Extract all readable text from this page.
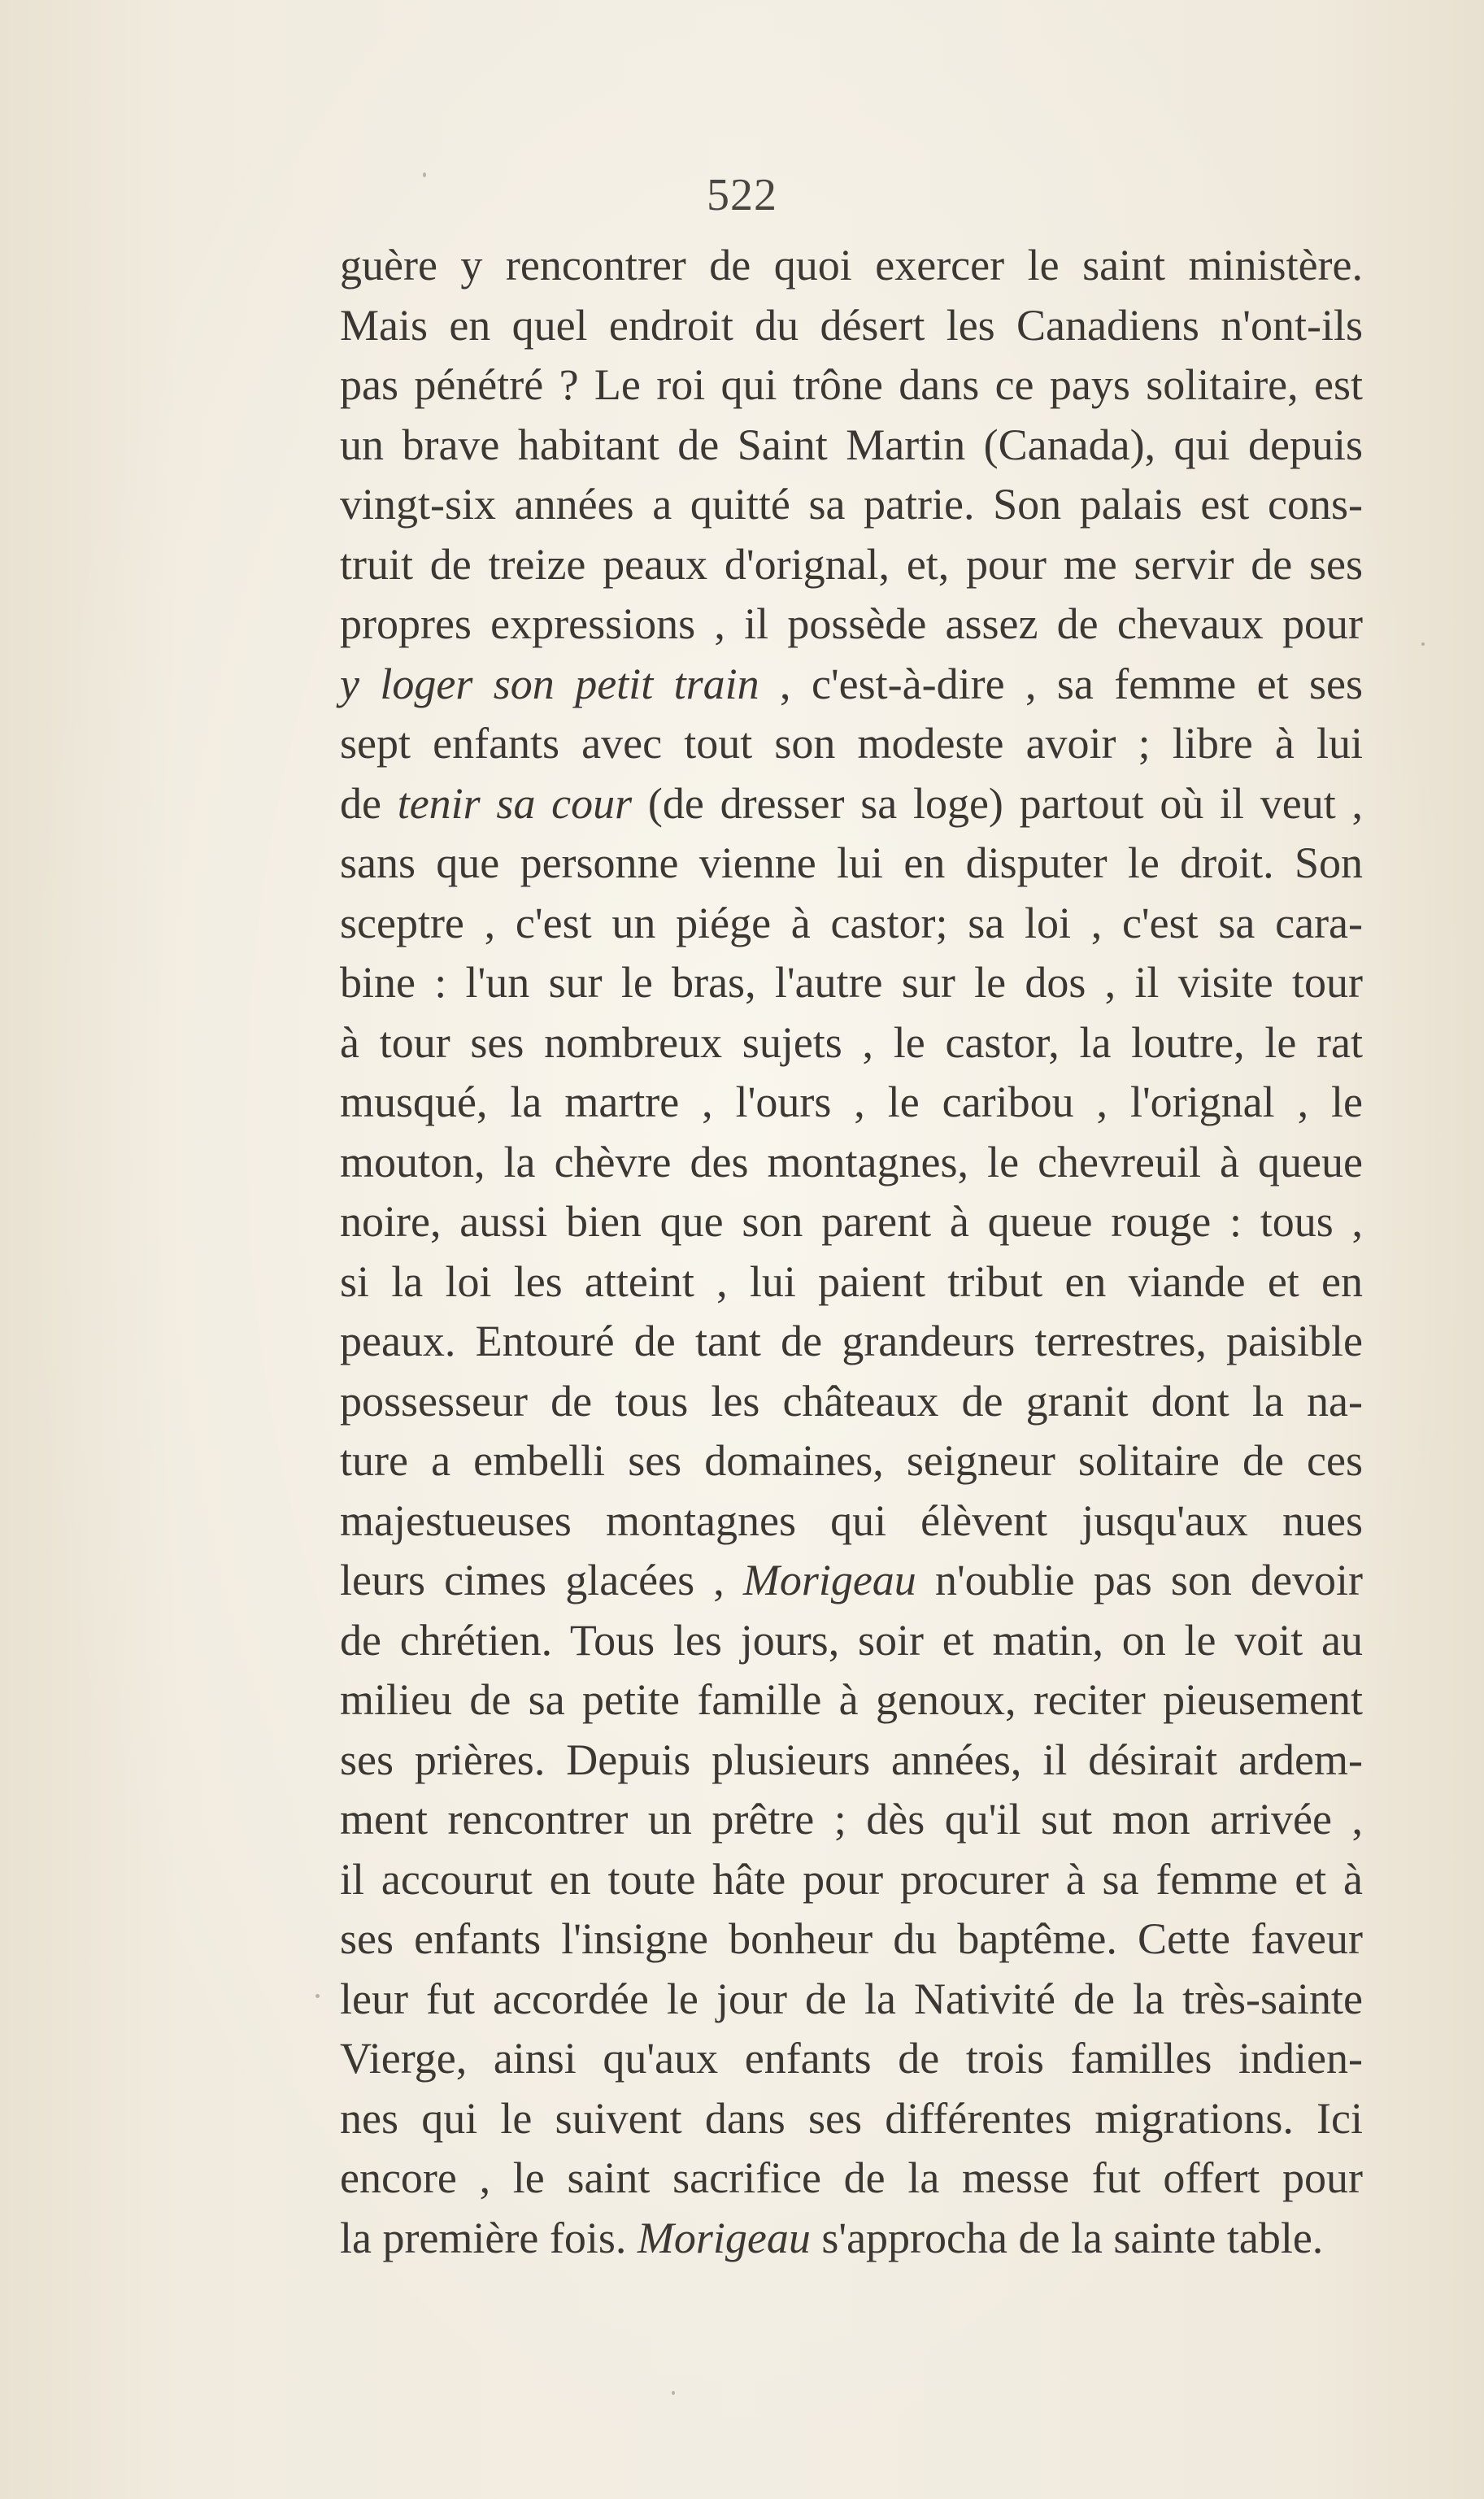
522
guère y rencontrer de quoi exercer le saint ministère.
Mais en quel endroit du désert les Canadiens n'ont-ils
pas pénétré ? Le roi qui trône dans ce pays solitaire, est
un brave habitant de Saint Martin (Canada), qui depuis
vingt-six années a quitté sa patrie. Son palais est cons-
truit de treize peaux d'orignal, et, pour me servir de ses
propres expressions , il possède assez de chevaux pour
y loger son petit train , c'est-à-dire , sa femme et ses
sept enfants avec tout son modeste avoir ; libre à lui
de tenir sa cour (de dresser sa loge) partout où il veut ,
sans que personne vienne lui en disputer le droit. Son
sceptre , c'est un piége à castor; sa loi , c'est sa cara-
bine : l'un sur le bras, l'autre sur le dos , il visite tour
à tour ses nombreux sujets , le castor, la loutre, le rat
musqué, la martre , l'ours , le caribou , l'orignal , le
mouton, la chèvre des montagnes, le chevreuil à queue
noire, aussi bien que son parent à queue rouge : tous ,
si la loi les atteint , lui paient tribut en viande et en
peaux. Entouré de tant de grandeurs terrestres, paisible
possesseur de tous les châteaux de granit dont la na-
ture a embelli ses domaines, seigneur solitaire de ces
majestueuses montagnes qui élèvent jusqu'aux nues
leurs cimes glacées , Morigeau n'oublie pas son devoir
de chrétien. Tous les jours, soir et matin, on le voit au
milieu de sa petite famille à genoux, reciter pieusement
ses prières. Depuis plusieurs années, il désirait ardem-
ment rencontrer un prêtre ; dès qu'il sut mon arrivée ,
il accourut en toute hâte pour procurer à sa femme et à
ses enfants l'insigne bonheur du baptême. Cette faveur
leur fut accordée le jour de la Nativité de la très-sainte
Vierge, ainsi qu'aux enfants de trois familles indien-
nes qui le suivent dans ses différentes migrations. Ici
encore , le saint sacrifice de la messe fut offert pour
la première fois. Morigeau s'approcha de la sainte table.
